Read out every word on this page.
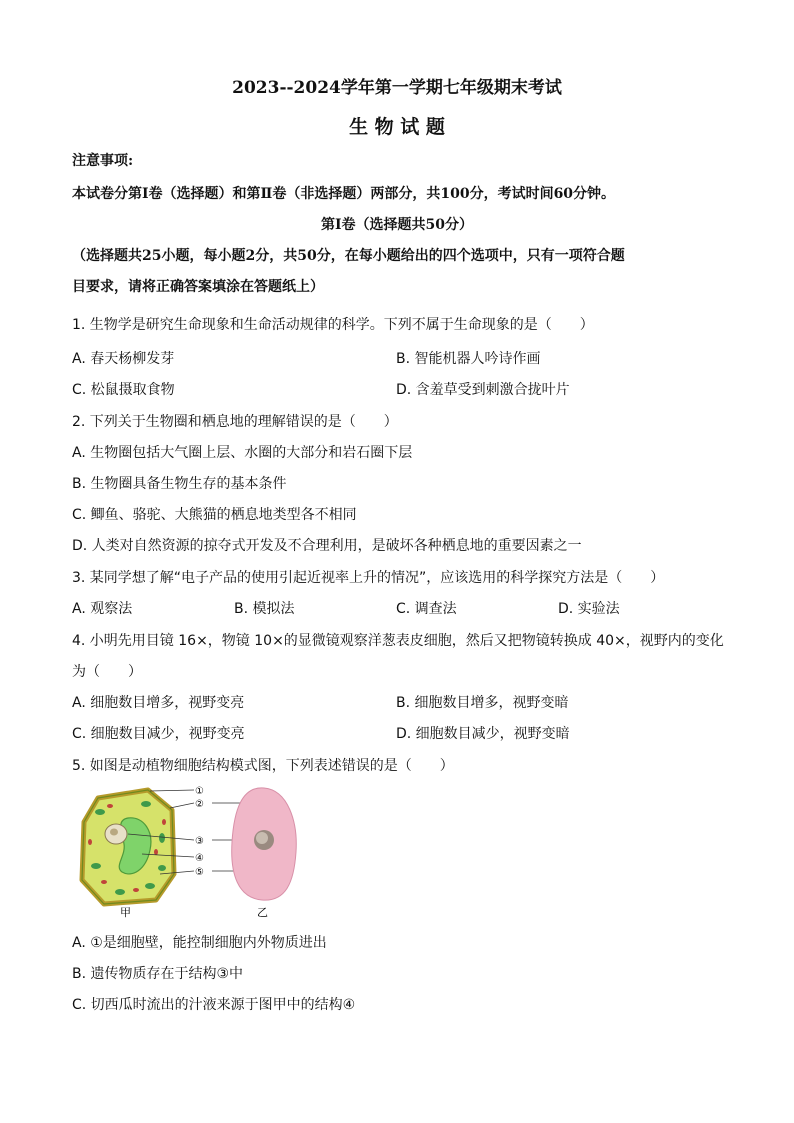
2023--2024学年第一学期七年级期末考试
生 物 试 题
注意事项:
本试卷分第Ⅰ卷（选择题）和第Ⅱ卷（非选择题）两部分，共100分，考试时间60分钟。
第Ⅰ卷（选择题共50分）
（选择题共25小题，每小题2分，共50分，在每小题给出的四个选项中，只有一项符合题
目要求，请将正确答案填涂在答题纸上）
1. 生物学是研究生命现象和生命活动规律的科学。下列不属于生命现象的是（　　）
A. 春天杨柳发芽	B. 智能机器人吟诗作画
C. 松鼠摄取食物	D. 含羞草受到刺激合拢叶片
2. 下列关于生物圈和栖息地的理解错误的是（　　）
A. 生物圈包括大气圈上层、水圈的大部分和岩石圈下层
B. 生物圈具备生物生存的基本条件
C. 鲫鱼、骆驼、大熊猫的栖息地类型各不相同
D. 人类对自然资源的掠夺式开发及不合理利用，是破坏各种栖息地的重要因素之一
3. 某同学想了解“电子产品的使用引起近视率上升的情况”，应该选用的科学探究方法是（　　）
A. 观察法	B. 模拟法	C. 调查法	D. 实验法
4. 小明先用目镜 16×，物镜 10×的显微镜观察洋葱表皮细胞，然后又把物镜转换成 40×，视野内的变化
为（　　）
A. 细胞数目增多，视野变亮	B. 细胞数目增多，视野变暗
C. 细胞数目减少，视野变亮	D. 细胞数目减少，视野变暗
5. 如图是动植物细胞结构模式图，下列表述错误的是（　　）
①
②
③
④
⑤
甲	乙
A. ①是细胞壁，能控制细胞内外物质进出
B. 遗传物质存在于结构③中
C. 切西瓜时流出的汁液来源于图甲中的结构④
